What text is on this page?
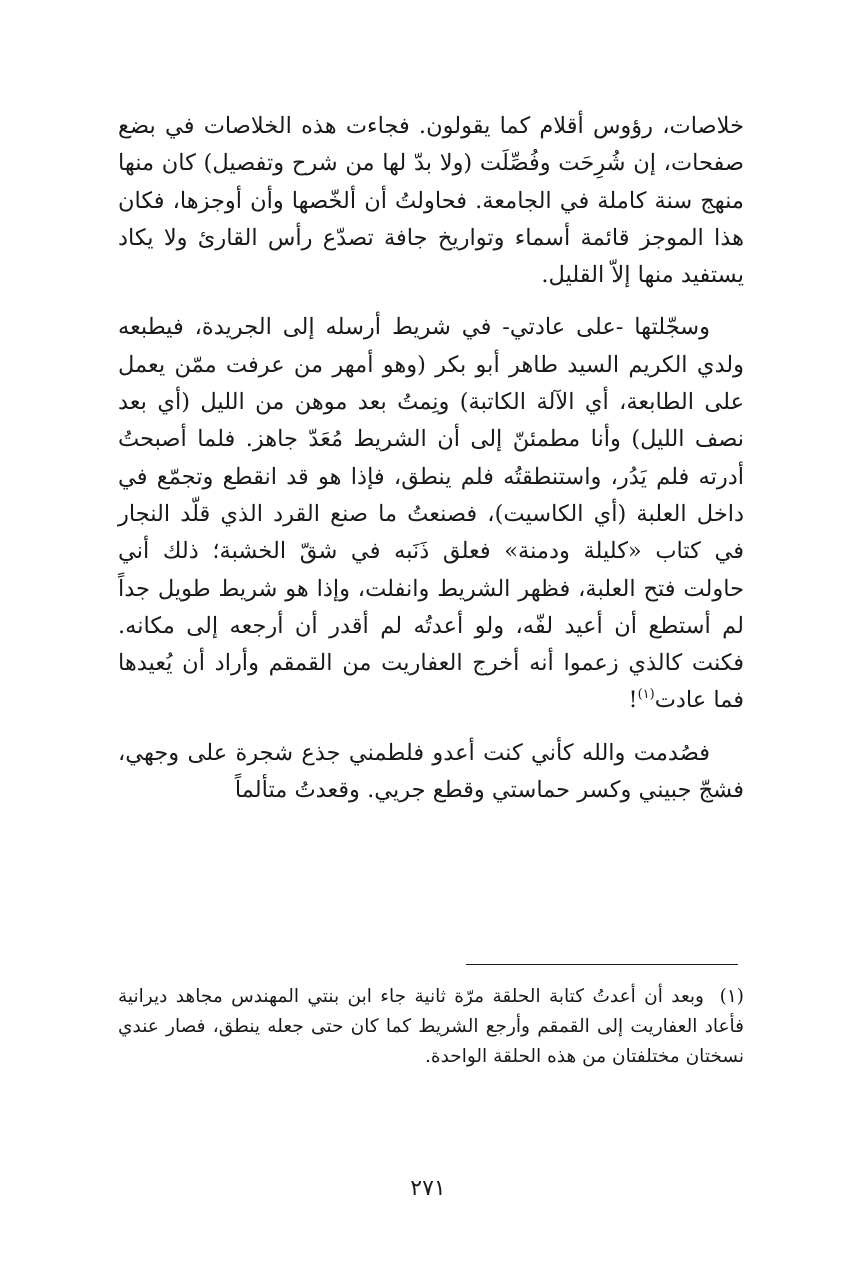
خلاصات، رؤوس أقلام كما يقولون. فجاءت هذه الخلاصات في بضع صفحات، إن شُرِحَت وفُصِّلَت (ولا بدّ لها من شرح وتفصيل) كان منها منهج سنة كاملة في الجامعة. فحاولتُ أن ألخّصها وأن أوجزها، فكان هذا الموجز قائمة أسماء وتواريخ جافة تصدّع رأس القارئ ولا يكاد يستفيد منها إلاّ القليل.

وسجّلتها -على عادتي- في شريط أرسله إلى الجريدة، فيطبعه ولدي الكريم السيد طاهر أبو بكر (وهو أمهر من عرفت ممّن يعمل على الطابعة، أي الآلة الكاتبة) ونِمتُ بعد موهن من الليل (أي بعد نصف الليل) وأنا مطمئنّ إلى أن الشريط مُعَدّ جاهز. فلما أصبحتُ أدرته فلم يَدُر، واستنطقتُه فلم ينطق، فإذا هو قد انقطع وتجمّع في داخل العلبة (أي الكاسيت)، فصنعتُ ما صنع القرد الذي قلّد النجار في كتاب «كليلة ودمنة» فعلق ذَنَبه في شقّ الخشبة؛ ذلك أني حاولت فتح العلبة، فظهر الشريط وانفلت، وإذا هو شريط طويل جداً لم أستطع أن أعيد لفّه، ولو أعدتُه لم أقدر أن أرجعه إلى مكانه. فكنت كالذي زعموا أنه أخرج العفاريت من القمقم وأراد أن يُعيدها فما عادت$^{(١)}$!

فصُدمت والله كأني كنت أعدو فلطمني جذع شجرة على وجهي، فشجّ جبيني وكسر حماستي وقطع جريي. وقعدتُ متألماً

(١)وبعد أن أعدتُ كتابة الحلقة مرّة ثانية جاء ابن بنتي المهندس مجاهد ديرانية فأعاد العفاريت إلى القمقم وأرجع الشريط كما كان حتى جعله ينطق، فصار عندي نسختان مختلفتان من هذه الحلقة الواحدة.
٢٧١
